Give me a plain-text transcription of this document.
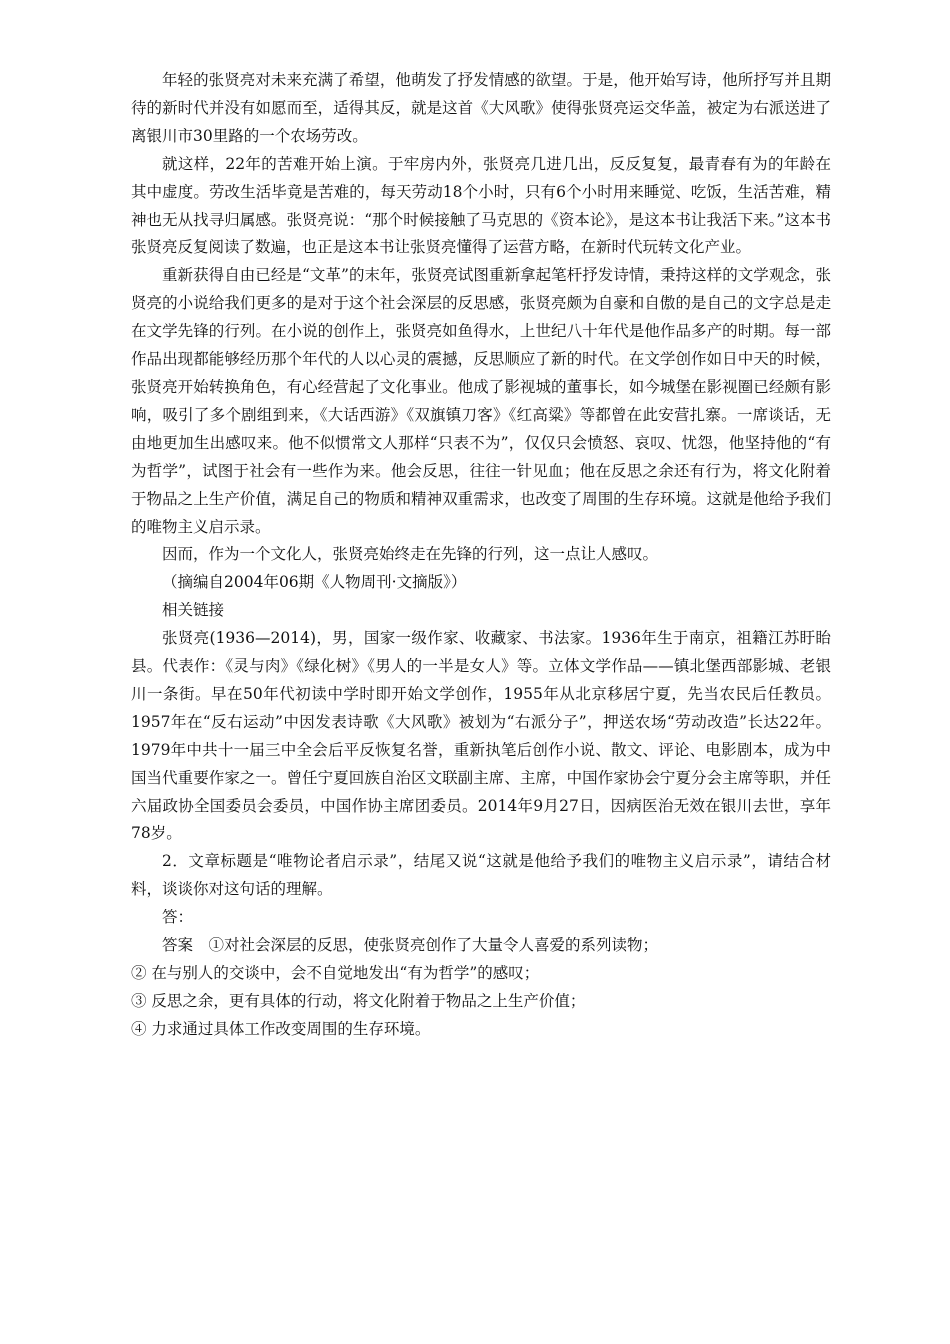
年轻的张贤亮对未来充满了希望，他萌发了抒发情感的欲望。于是，他开始写诗，他所抒写并且期待的新时代并没有如愿而至，适得其反，就是这首《大风歌》使得张贤亮运交华盖，被定为右派送进了离银川市30里路的一个农场劳改。

就这样，22年的苦难开始上演。于牢房内外，张贤亮几进几出，反反复复，最青春有为的年龄在其中虚度。劳改生活毕竟是苦难的，每天劳动18个小时，只有6个小时用来睡觉、吃饭，生活苦难，精神也无从找寻归属感。张贤亮说：“那个时候接触了马克思的《资本论》，是这本书让我活下来。”这本书张贤亮反复阅读了数遍，也正是这本书让张贤亮懂得了运营方略，在新时代玩转文化产业。

重新获得自由已经是“文革”的末年，张贤亮试图重新拿起笔杆抒发诗情，秉持这样的文学观念，张贤亮的小说给我们更多的是对于这个社会深层的反思感，张贤亮颇为自豪和自傲的是自己的文字总是走在文学先锋的行列。在小说的创作上，张贤亮如鱼得水，上世纪八十年代是他作品多产的时期。每一部作品出现都能够经历那个年代的人以心灵的震撼，反思顺应了新的时代。在文学创作如日中天的时候，张贤亮开始转换角色，有心经营起了文化事业。他成了影视城的董事长，如今城堡在影视圈已经颇有影响，吸引了多个剧组到来，《大话西游》《双旗镇刀客》《红高粱》等都曾在此安营扎寨。一席谈话，无由地更加生出感叹来。他不似惯常文人那样“只表不为”，仅仅只会愤怒、哀叹、忧怨，他坚持他的“有为哲学”，试图于社会有一些作为来。他会反思，往往一针见血；他在反思之余还有行为，将文化附着于物品之上生产价值，满足自己的物质和精神双重需求，也改变了周围的生存环境。这就是他给予我们的唯物主义启示录。

因而，作为一个文化人，张贤亮始终走在先锋的行列，这一点让人感叹。

（摘编自2004年06期《人物周刊·文摘版》）

相关链接

张贤亮(1936—2014)，男，国家一级作家、收藏家、书法家。1936年生于南京，祖籍江苏盱眙县。代表作：《灵与肉》《绿化树》《男人的一半是女人》等。立体文学作品——镇北堡西部影城、老银川一条街。早在50年代初读中学时即开始文学创作，1955年从北京移居宁夏，先当农民后任教员。1957年在“反右运动”中因发表诗歌《大风歌》被划为“右派分子”，押送农场“劳动改造”长达22年。1979年中共十一届三中全会后平反恢复名誉，重新执笔后创作小说、散文、评论、电影剧本，成为中国当代重要作家之一。曾任宁夏回族自治区文联副主席、主席，中国作家协会宁夏分会主席等职，并任六届政协全国委员会委员，中国作协主席团委员。2014年9月27日，因病医治无效在银川去世，享年78岁。

2．文章标题是“唯物论者启示录”，结尾又说“这就是他给予我们的唯物主义启示录”，请结合材料，谈谈你对这句话的理解。

答：

答案　①对社会深层的反思，使张贤亮创作了大量令人喜爱的系列读物；

② 在与别人的交谈中，会不自觉地发出“有为哲学”的感叹；

③ 反思之余，更有具体的行动，将文化附着于物品之上生产价值；

④ 力求通过具体工作改变周围的生存环境。
